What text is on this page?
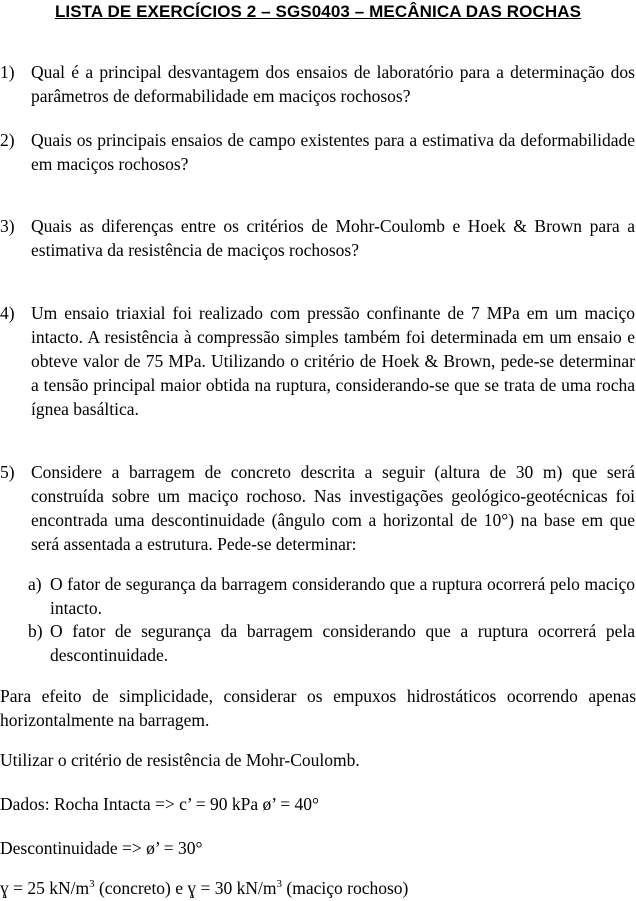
LISTA DE EXERCÍCIOS 2 – SGS0403 – MECÂNICA DAS ROCHAS
1) Qual é a principal desvantagem dos ensaios de laboratório para a determinação dos parâmetros de deformabilidade em maciços rochosos?
2) Quais os principais ensaios de campo existentes para a estimativa da deformabilidade em maciços rochosos?
3) Quais as diferenças entre os critérios de Mohr-Coulomb e Hoek & Brown para a estimativa da resistência de maciços rochosos?
4) Um ensaio triaxial foi realizado com pressão confinante de 7 MPa em um maciço intacto. A resistência à compressão simples também foi determinada em um ensaio e obteve valor de 75 MPa. Utilizando o critério de Hoek & Brown, pede-se determinar a tensão principal maior obtida na ruptura, considerando-se que se trata de uma rocha ígnea basáltica.
5) Considere a barragem de concreto descrita a seguir (altura de 30 m) que será construída sobre um maciço rochoso. Nas investigações geológico-geotécnicas foi encontrada uma descontinuidade (ângulo com a horizontal de 10°) na base em que será assentada a estrutura. Pede-se determinar:
a) O fator de segurança da barragem considerando que a ruptura ocorrerá pelo maciço intacto.
b) O fator de segurança da barragem considerando que a ruptura ocorrerá pela descontinuidade.
Para efeito de simplicidade, considerar os empuxos hidrostáticos ocorrendo apenas horizontalmente na barragem.
Utilizar o critério de resistência de Mohr-Coulomb.
Dados: Rocha Intacta => c’ = 90 kPa ø’ = 40°
Descontinuidade => ø’ = 30°
ɣ = 25 $kN/m^3$ (concreto) e ɣ = 30 $kN/m^3$ (maciço rochoso)
